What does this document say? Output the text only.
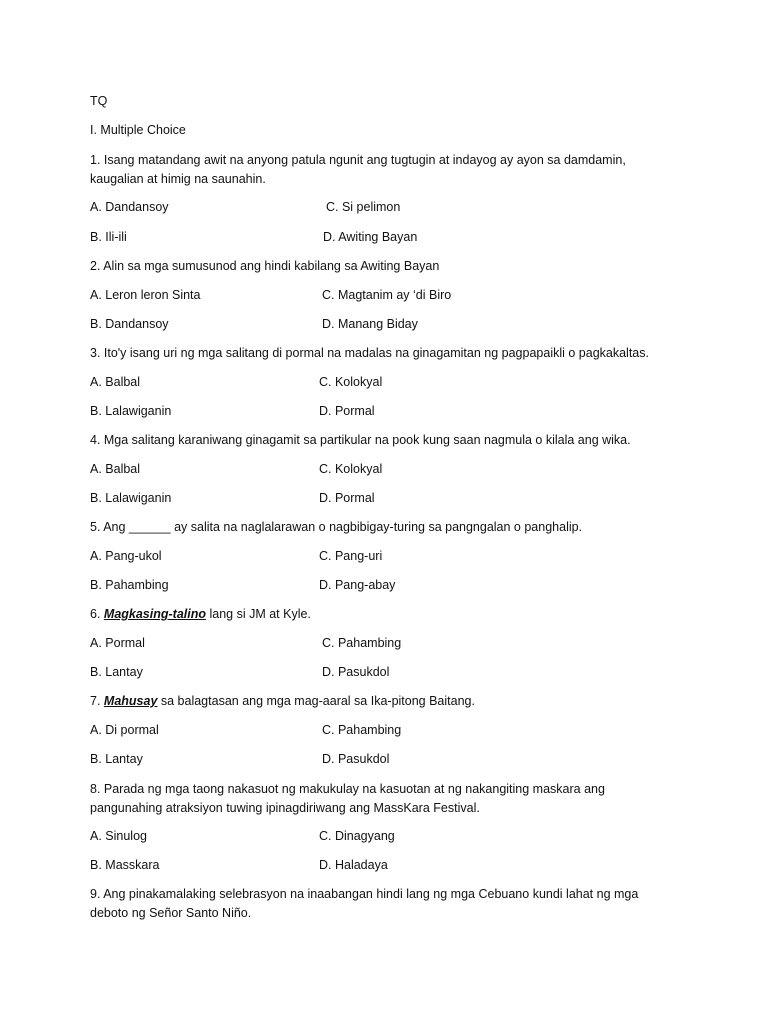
TQ
I. Multiple Choice
1. Isang matandang awit na anyong patula ngunit ang tugtugin at indayog ay ayon sa damdamin, kaugalian at himig na saunahin.
A. Dandansoy	C. Si pelimon
B. Ili-ili	D. Awiting Bayan
2. Alin sa mga sumusunod ang hindi kabilang sa Awiting Bayan
A. Leron leron Sinta	C. Magtanim ay ‘di Biro
B. Dandansoy	D. Manang Biday
3. Ito'y isang uri ng mga salitang di pormal na madalas na ginagamitan ng pagpapaikli o pagkakaltas.
A. Balbal	C. Kolokyal
B. Lalawiganin	D. Pormal
4. Mga salitang karaniwang ginagamit sa partikular na pook kung saan nagmula o kilala ang wika.
A. Balbal	C. Kolokyal
B. Lalawiganin	D. Pormal
5. Ang ______ ay salita na naglalarawan o nagbibigay-turing sa pangngalan o panghalip.
A. Pang-ukol	C. Pang-uri
B. Pahambing	D. Pang-abay
6. Magkasing-talino lang si JM at Kyle.
A. Pormal	C. Pahambing
B. Lantay	D. Pasukdol
7. Mahusay sa balagtasan ang mga mag-aaral sa Ika-pitong Baitang.
A. Di pormal	C. Pahambing
B. Lantay	D. Pasukdol
8. Parada ng mga taong nakasuot ng makukulay na kasuotan at ng nakangiting maskara ang pangunahing atraksiyon tuwing ipinagdiriwang ang MassKara Festival.
A. Sinulog	C. Dinagyang
B. Masskara	D. Haladaya
9. Ang pinakamalaking selebrasyon na inaabangan hindi lang ng mga Cebuano kundi lahat ng mga deboto ng Señor Santo Niño.
